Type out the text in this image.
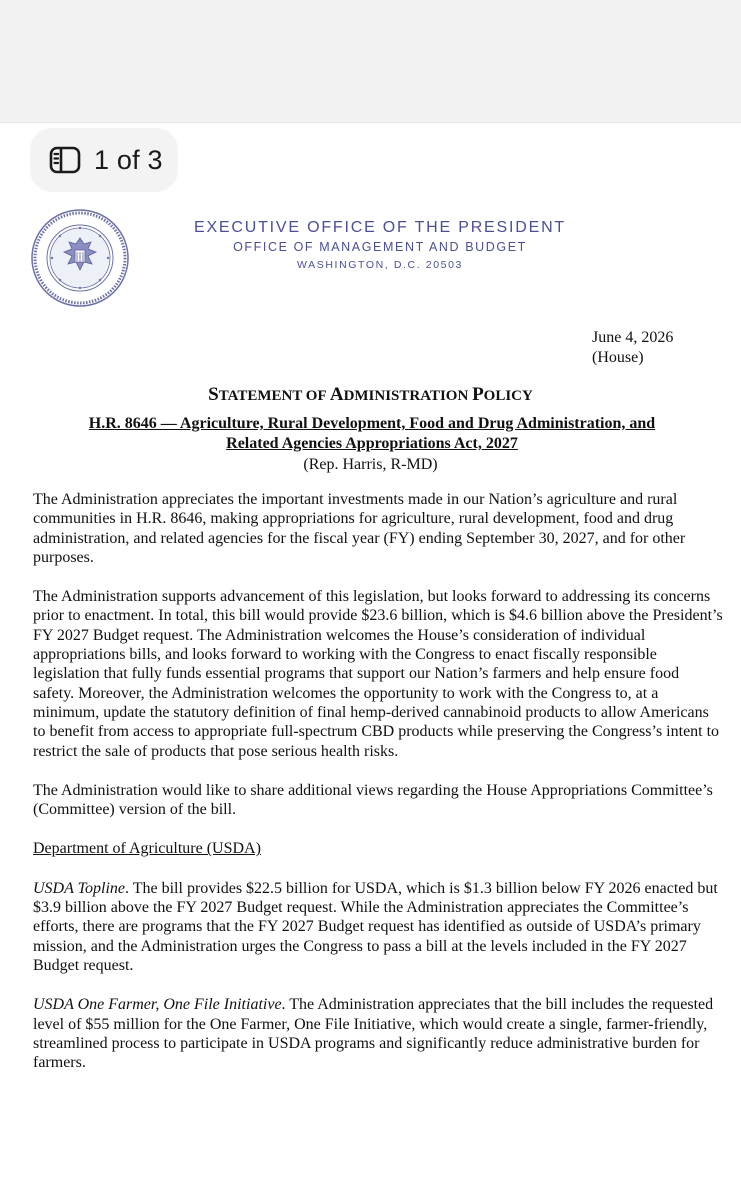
1 of 3
EXECUTIVE OFFICE OF THE PRESIDENT
OFFICE OF MANAGEMENT AND BUDGET
WASHINGTON, D.C. 20503
June 4, 2026
(House)
STATEMENT OF ADMINISTRATION POLICY
H.R. 8646 — Agriculture, Rural Development, Food and Drug Administration, and
Related Agencies Appropriations Act, 2027
(Rep. Harris, R-MD)

The Administration appreciates the important investments made in our Nation’s agriculture and rural communities in H.R. 8646, making appropriations for agriculture, rural development, food and drug administration, and related agencies for the fiscal year (FY) ending September 30, 2027, and for other purposes.

The Administration supports advancement of this legislation, but looks forward to addressing its concerns prior to enactment. In total, this bill would provide $23.6 billion, which is $4.6 billion above the President’s FY 2027 Budget request. The Administration welcomes the House’s consideration of individual appropriations bills, and looks forward to working with the Congress to enact fiscally responsible legislation that fully funds essential programs that support our Nation’s farmers and help ensure food safety. Moreover, the Administration welcomes the opportunity to work with the Congress to, at a minimum, update the statutory definition of final hemp-derived cannabinoid products to allow Americans to benefit from access to appropriate full-spectrum CBD products while preserving the Congress’s intent to restrict the sale of products that pose serious health risks.

The Administration would like to share additional views regarding the House Appropriations Committee’s (Committee) version of the bill.

Department of Agriculture (USDA)

USDA Topline. The bill provides $22.5 billion for USDA, which is $1.3 billion below FY 2026 enacted but $3.9 billion above the FY 2027 Budget request. While the Administration appreciates the Committee’s efforts, there are programs that the FY 2027 Budget request has identified as outside of USDA’s primary mission, and the Administration urges the Congress to pass a bill at the levels included in the FY 2027 Budget request.

USDA One Farmer, One File Initiative. The Administration appreciates that the bill includes the requested level of $55 million for the One Farmer, One File Initiative, which would create a single, farmer-friendly, streamlined process to participate in USDA programs and significantly reduce administrative burden for farmers.
